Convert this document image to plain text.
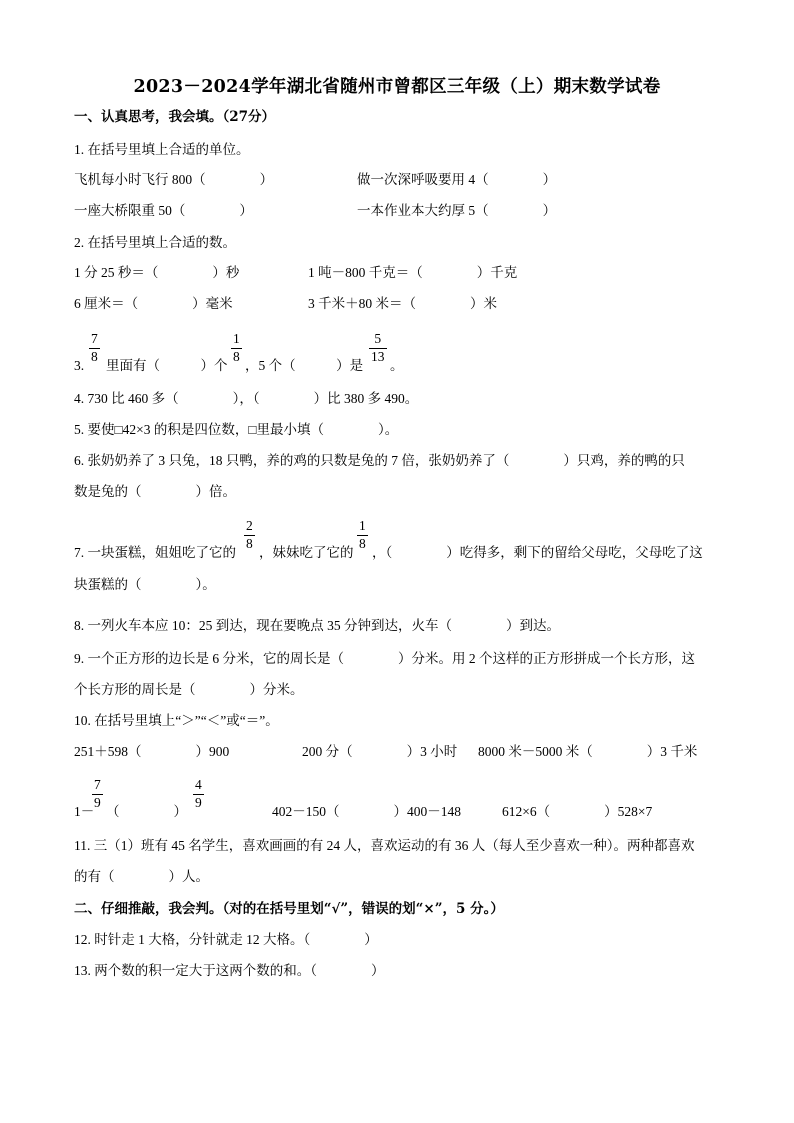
2023－2024学年湖北省随州市曾都区三年级（上）期末数学试卷
一、认真思考，我会填。（27分）
1. 在括号里填上合适的单位。
飞机每小时飞行 800（　　　　）	做一次深呼吸要用 4（　　　　）
一座大桥限重 50（　　　　）	一本作业本大约厚 5（　　　　）
2. 在括号里填上合适的数。
1 分 25 秒＝（　　　　）秒	1 吨－800 千克＝（　　　　）千克
6 厘米＝（　　　　）毫米	3 千米＋80 米＝（　　　　）米
3.
7
8
里面有（　　　）个
1
8
，5 个（　　　）是
5
13
。
4. 730 比 460 多（　　　　），（　　　　）比 380 多 490。
5. 要使□42×3 的积是四位数，□里最小填（　　　　）。
6. 张奶奶养了 3 只兔，18 只鸭，养的鸡的只数是兔的 7 倍，张奶奶养了（　　　　）只鸡，养的鸭的只
数是兔的（　　　　）倍。
7. 一块蛋糕，姐姐吃了它的
2
8
，妹妹吃了它的
1
8
，（　　　　）吃得多，剩下的留给父母吃，父母吃了这
块蛋糕的（　　　　）。
8. 一列火车本应 10：25 到达，现在要晚点 35 分钟到达，火车（　　　　）到达。
9. 一个正方形的边长是 6 分米，它的周长是（　　　　）分米。用 2 个这样的正方形拼成一个长方形，这
个长方形的周长是（　　　　）分米。
10. 在括号里填上“＞”“＜”或“＝”。
251＋598（　　　　）900	200 分（　　　　）3 小时 8000 米－5000 米（　　　　）3 千米
1－
7
9
（　　　　）
4
9
402－150（　　　　）400－148	612×6（　　　　）528×7
11. 三（1）班有 45 名学生，喜欢画画的有 24 人，喜欢运动的有 36 人（每人至少喜欢一种）。两种都喜欢
的有（　　　　）人。
二、仔细推敲，我会判。（对的在括号里划“√”，错误的划“×”，5 分。）
12. 时针走 1 大格，分针就走 12 大格。（　　　　）
13. 两个数的积一定大于这两个数的和。（　　　　）
